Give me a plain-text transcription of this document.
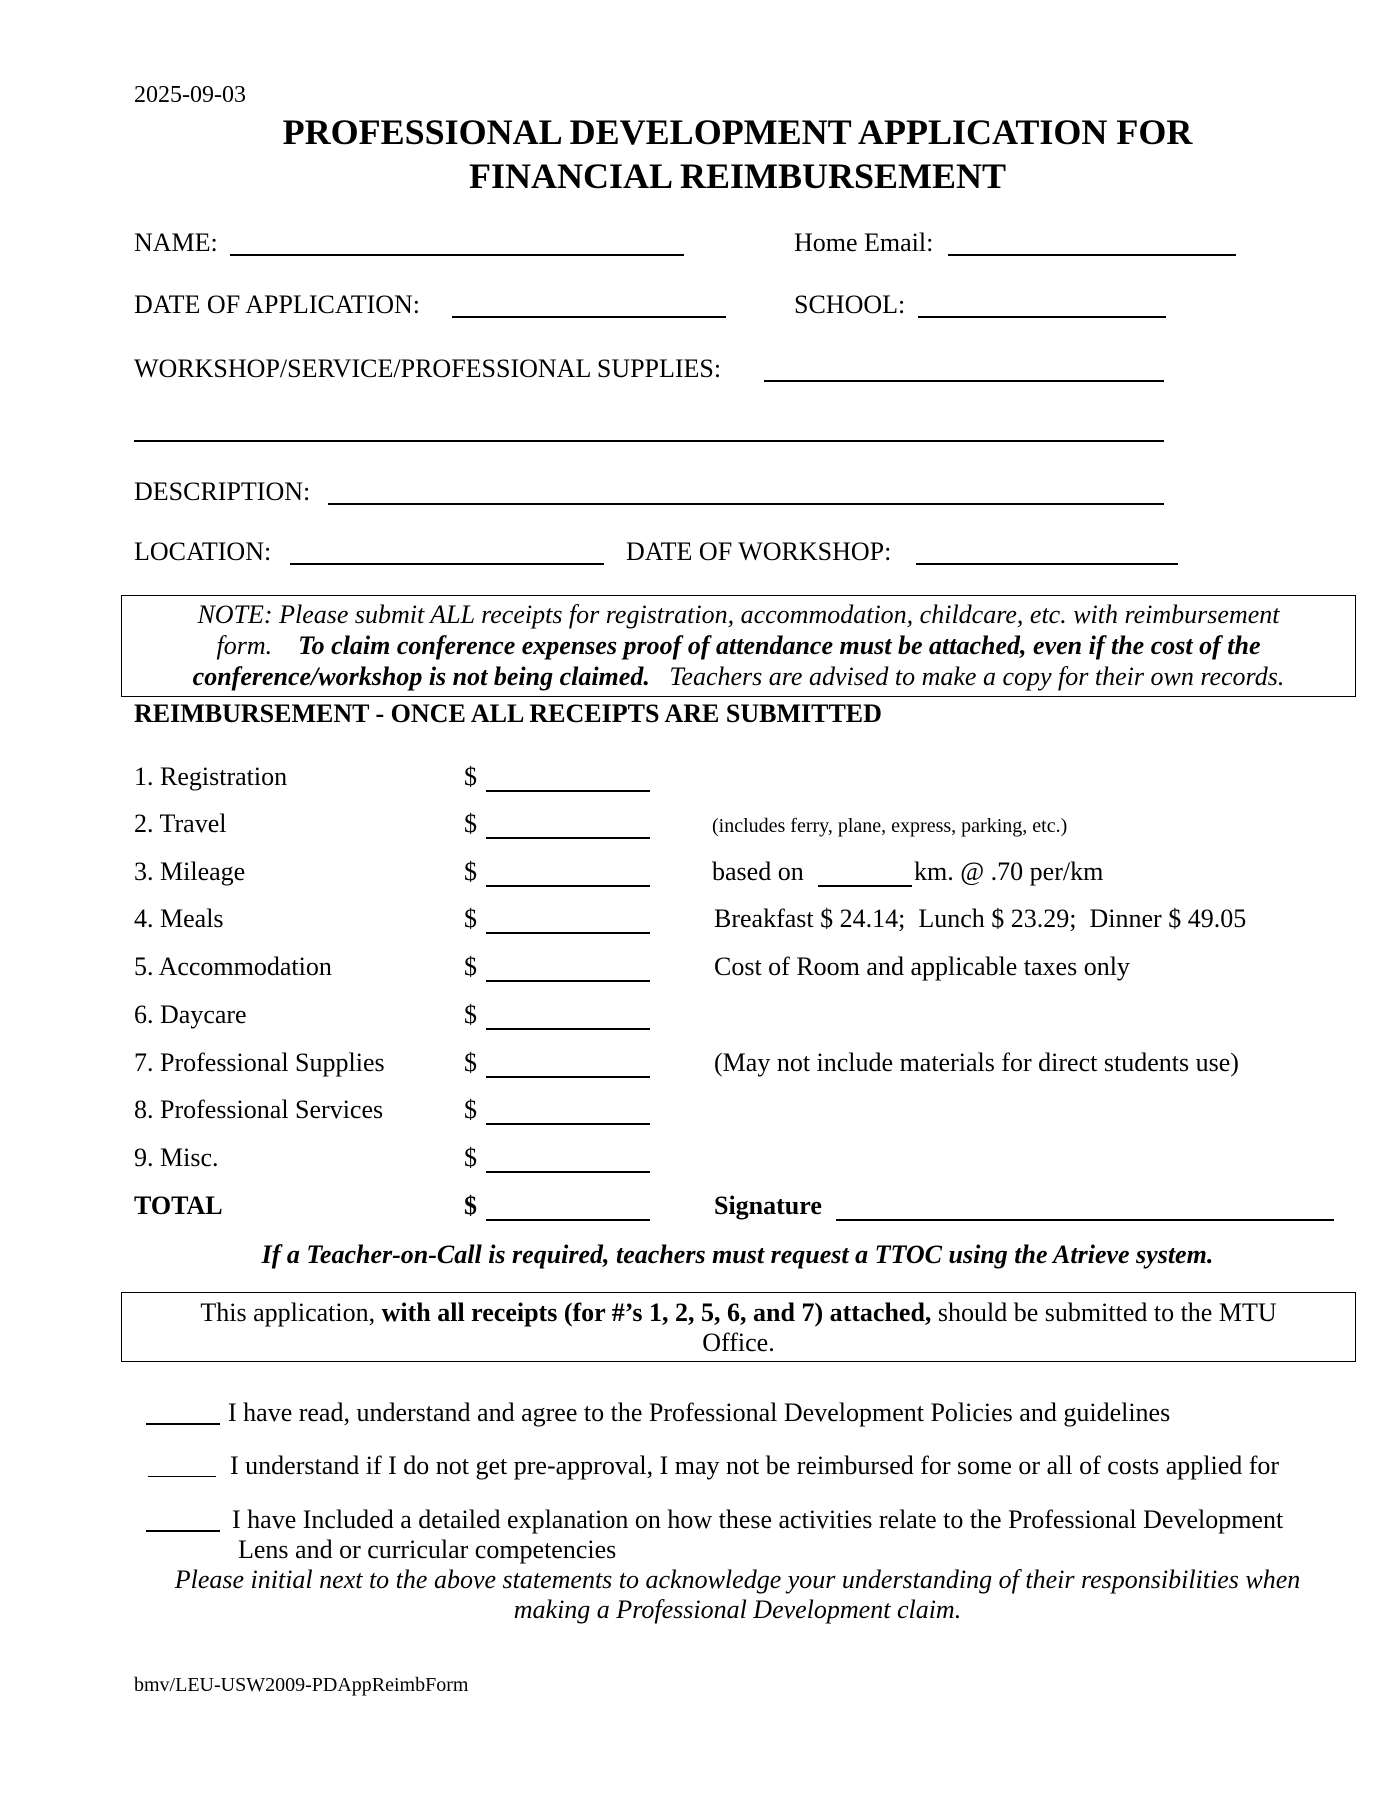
2025-09-03
PROFESSIONAL DEVELOPMENT APPLICATION FOR
FINANCIAL REIMBURSEMENT
NAME:	Home Email:
DATE OF APPLICATION:	SCHOOL:
WORKSHOP/SERVICE/PROFESSIONAL SUPPLIES:
DESCRIPTION:
LOCATION:	DATE OF WORKSHOP:
NOTE: Please submit ALL receipts for registration, accommodation, childcare, etc. with reimbursement
form. To claim conference expenses proof of attendance must be attached, even if the cost of the
conference/workshop is not being claimed. Teachers are advised to make a copy for their own records.
REIMBURSEMENT - ONCE ALL RECEIPTS ARE SUBMITTED
1. Registration	$
2. Travel	$	(includes ferry, plane, express, parking, etc.)
3. Mileage	$	based on	km. @ .70 per/km
4. Meals	$	Breakfast $ 24.14;  Lunch $ 23.29;  Dinner $ 49.05
5. Accommodation	$	Cost of Room and applicable taxes only
6. Daycare	$
7. Professional Supplies	$	(May not include materials for direct students use)
8. Professional Services	$
9. Misc.	$
TOTAL	$	Signature
If a Teacher-on-Call is required, teachers must request a TTOC using the Atrieve system.
This application, with all receipts (for #’s 1, 2, 5, 6, and 7) attached, should be submitted to the MTU
Office.
I have read, understand and agree to the Professional Development Policies and guidelines
I understand if I do not get pre-approval, I may not be reimbursed for some or all of costs applied for
I have Included a detailed explanation on how these activities relate to the Professional Development
Lens and or curricular competencies
Please initial next to the above statements to acknowledge your understanding of their responsibilities when
making a Professional Development claim.
bmv/LEU-USW2009-PDAppReimbForm
